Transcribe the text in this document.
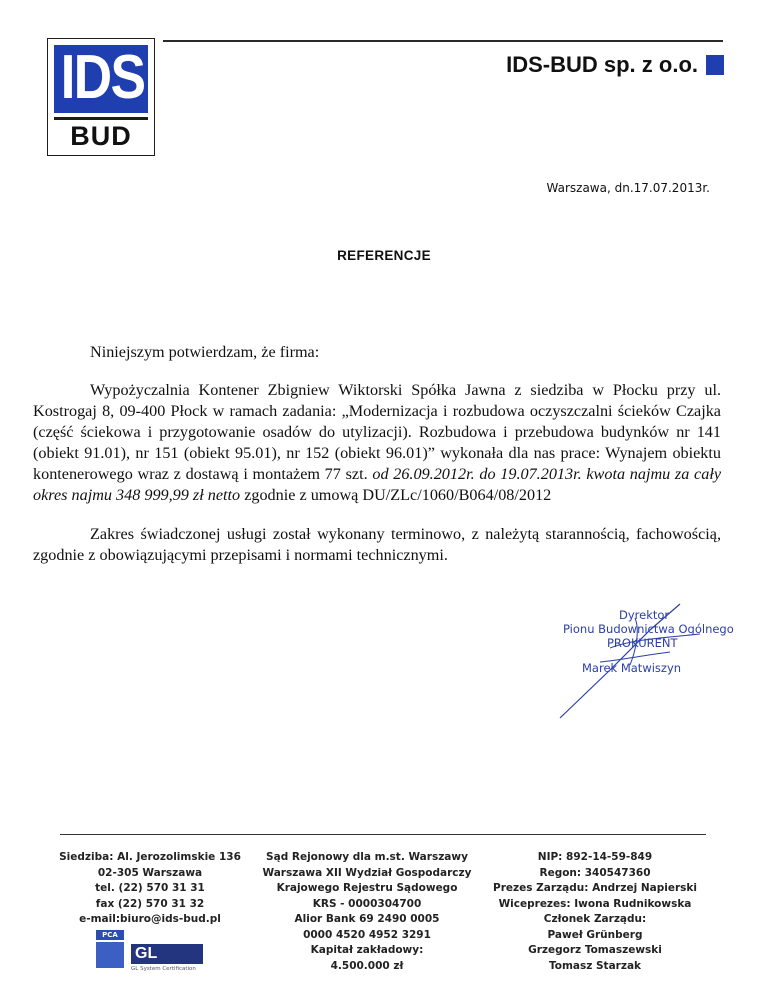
IDS
BUD
IDS-BUD sp. z o.o.
Warszawa, dn.17.07.2013r.
REFERENCJE
Niniejszym potwierdzam, że firma:
Wypożyczalnia Kontener Zbigniew Wiktorski Spółka Jawna z siedziba w Płocku przy ul. Kostrogaj 8, 09-400 Płock w ramach zadania: „Modernizacja i rozbudowa oczyszczalni ścieków Czajka (część ściekowa i przygotowanie osadów do utylizacji). Rozbudowa i przebudowa budynków nr 141 (obiekt 91.01), nr 151 (obiekt 95.01), nr 152 (obiekt 96.01)” wykonała dla nas prace: Wynajem obiektu kontenerowego wraz z dostawą i montażem 77 szt. od 26.09.2012r. do 19.07.2013r. kwota najmu za cały okres najmu 348 999,99 zł netto zgodnie z umową DU/ZLc/1060/B064/08/2012
Zakres świadczonej usługi został wykonany terminowo, z należytą starannością, fachowością, zgodnie z obowiązującymi przepisami i normami technicznymi.
Dyrektor
Pionu Budownictwa Ogólnego
PROKURENT
Marek Matwiszyn
Siedziba: Al. Jerozolimskie 136
02-305 Warszawa
tel. (22) 570 31 31
fax (22) 570 31 32
e-mail:biuro@ids-bud.pl
Sąd Rejonowy dla m.st. Warszawy
Warszawa XII Wydział Gospodarczy
Krajowego Rejestru Sądowego
KRS - 0000304700
Alior Bank 69 2490 0005
0000 4520 4952 3291
Kapitał zakładowy:
4.500.000 zł
NIP: 892-14-59-849
Regon: 340547360
Prezes Zarządu: Andrzej Napierski
Wiceprezes: Iwona Rudnikowska
Członek Zarządu:
Paweł Grünberg
Grzegorz Tomaszewski
Tomasz Starzak
PCA
GL
GL System Certification
